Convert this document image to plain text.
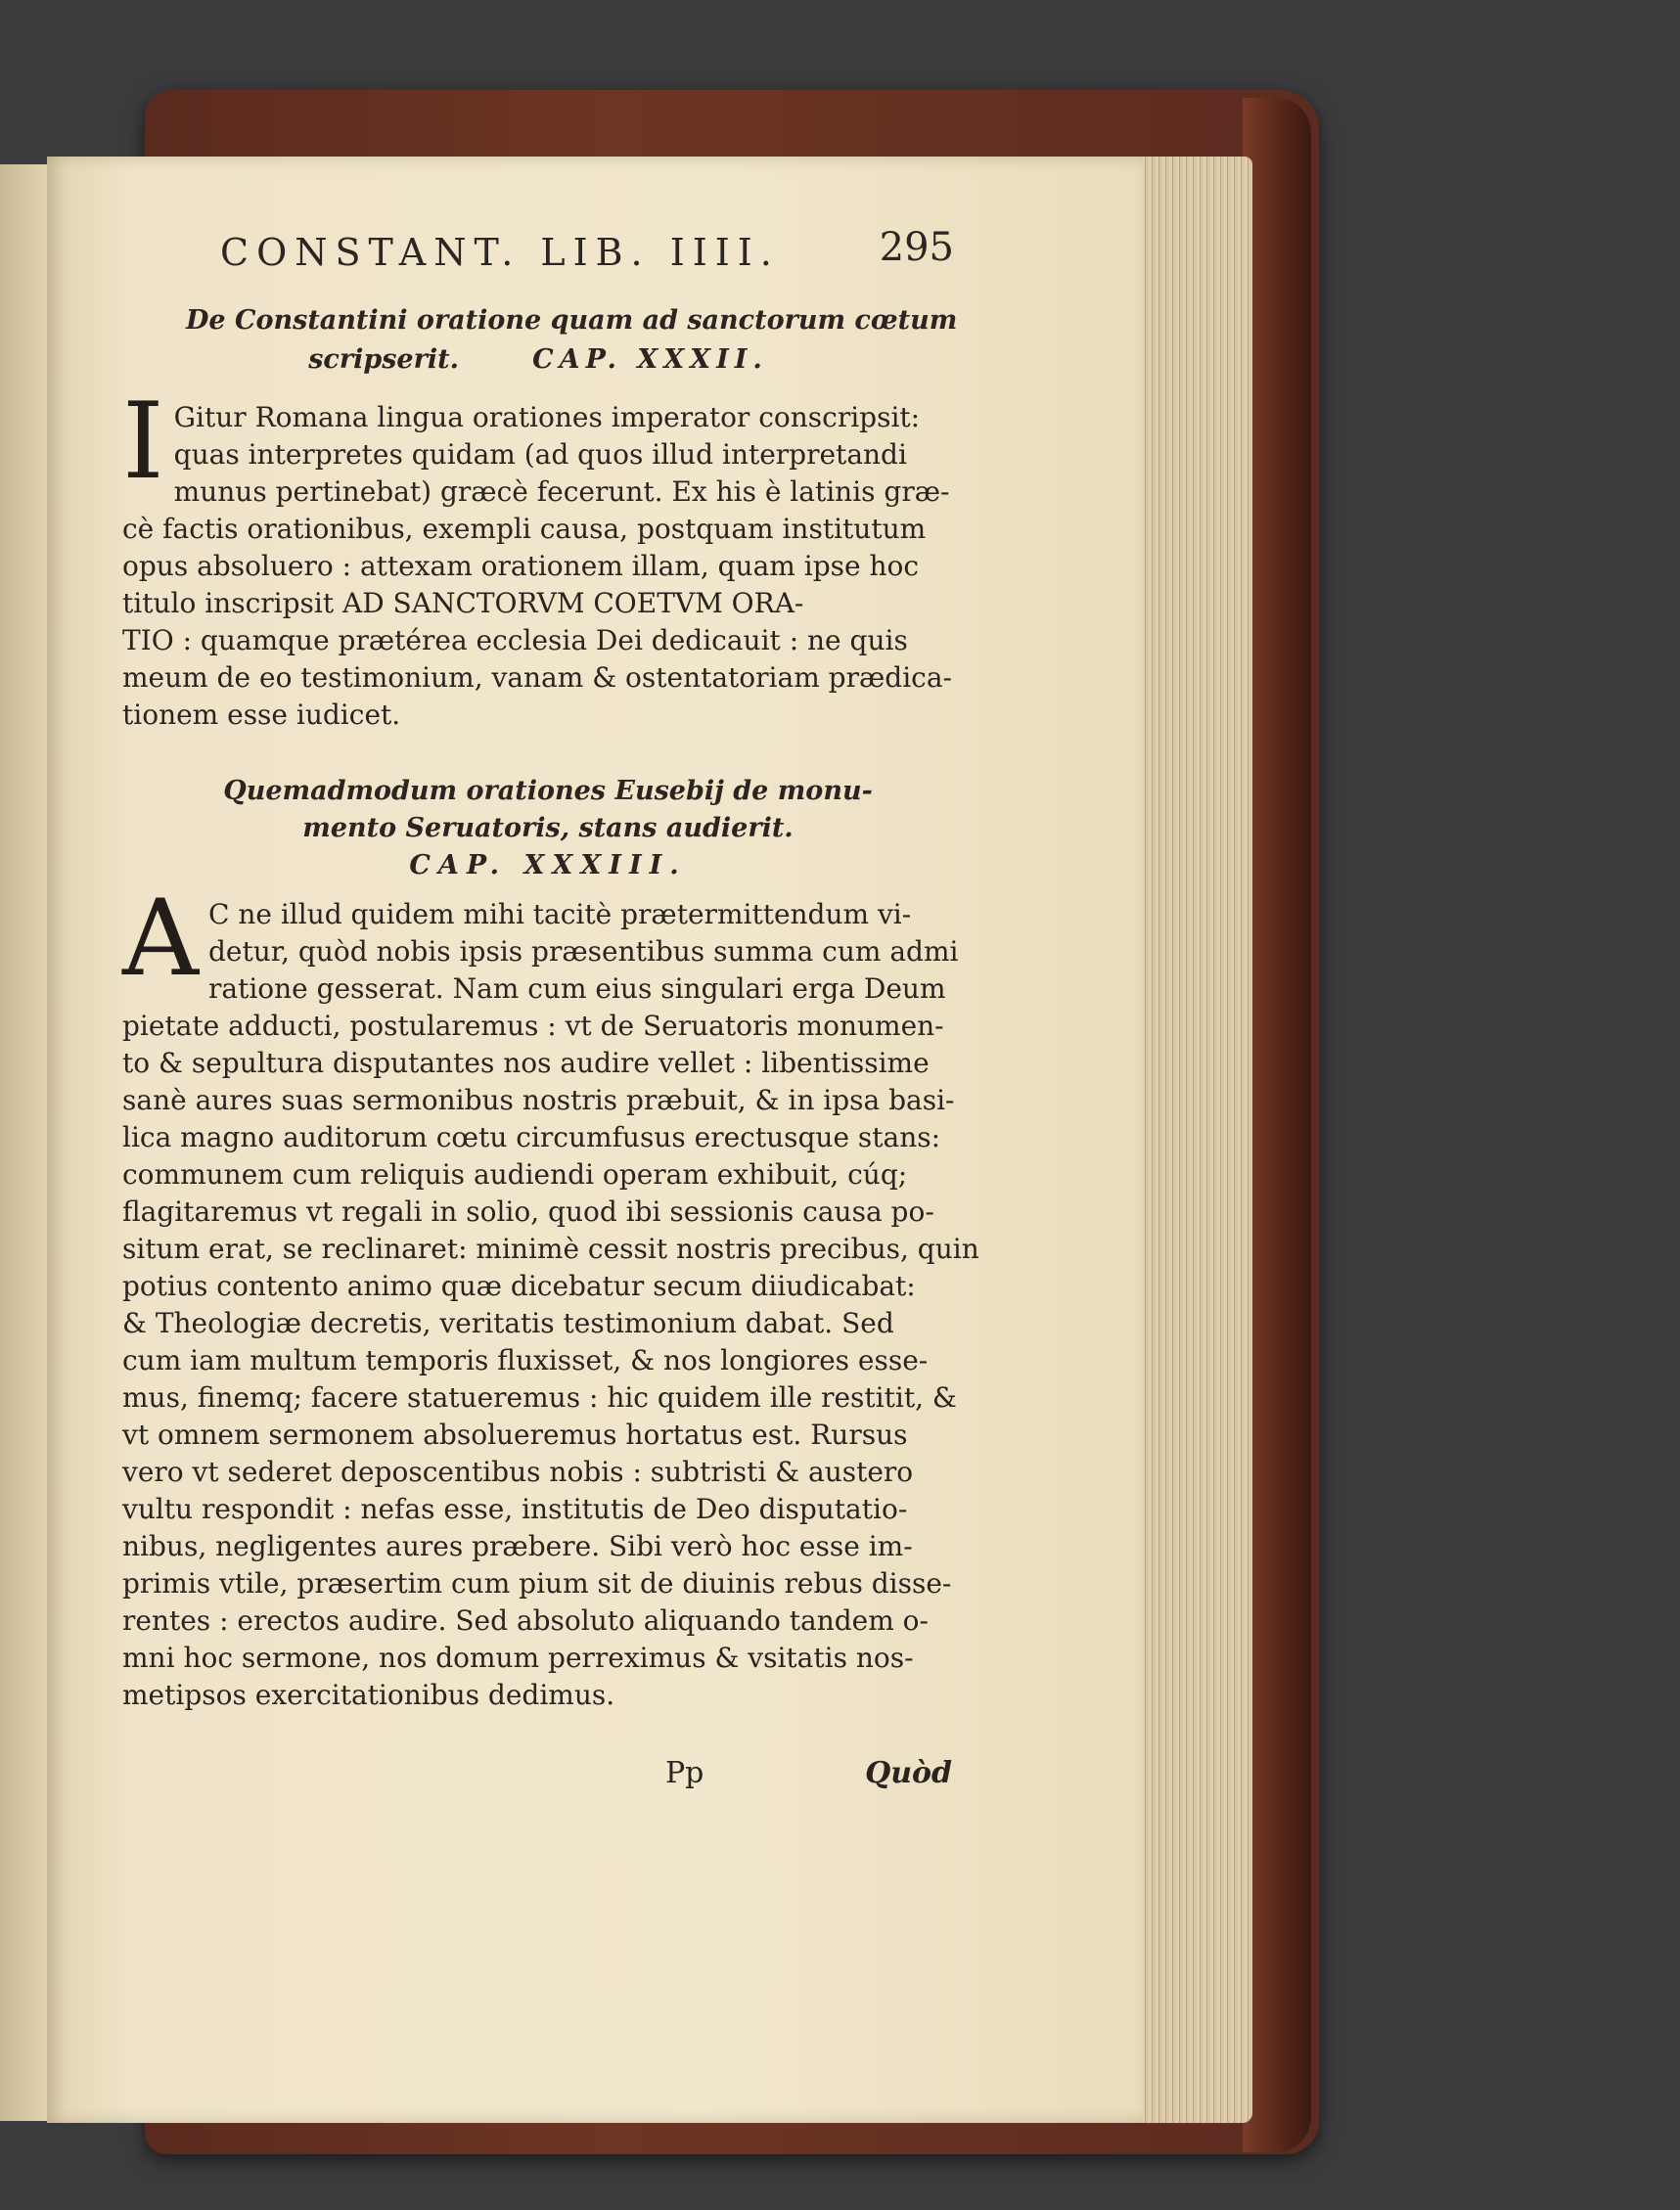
CONSTANT. LIB. IIII.	295
De Constantini oratione quam ad sanctorum cœtum
scripserit.	CAP. XXXII.
I Gitur Romana lingua orationes imperator conscripsit:
quas interpretes quidam (ad quos illud interpretandi
munus pertinebat) græcè fecerunt. Ex his è latinis græ-
cè factis orationibus, exempli causa, postquam institutum
opus absoluero : attexam orationem illam, quam ipse hoc
titulo inscripsit AD SANCTORVM COETVM ORA-
TIO : quamque prætérea ecclesia Dei dedicauit : ne quis
meum de eo testimonium, vanam & ostentatoriam prædica-
tionem esse iudicet.
Quemadmodum orationes Eusebij de monu-
mento Seruatoris, stans audierit.
CAP. XXXIII.
A C ne illud quidem mihi tacitè prætermittendum vi-
detur, quòd nobis ipsis præsentibus summa cum admi
ratione gesserat. Nam cum eius singulari erga Deum
pietate adducti, postularemus : vt de Seruatoris monumen-
to & sepultura disputantes nos audire vellet : libentissime
sanè aures suas sermonibus nostris præbuit, & in ipsa basi-
lica magno auditorum cœtu circumfusus erectusque stans:
communem cum reliquis audiendi operam exhibuit, cúq;
flagitaremus vt regali in solio, quod ibi sessionis causa po-
situm erat, se reclinaret: minimè cessit nostris precibus, quin
potius contento animo quæ dicebatur secum diiudicabat:
& Theologiæ decretis, veritatis testimonium dabat. Sed
cum iam multum temporis fluxisset, & nos longiores esse-
mus, finemq; facere statueremus : hic quidem ille restitit, &
vt omnem sermonem absolueremus hortatus est. Rursus
vero vt sederet deposcentibus nobis : subtristi & austero
vultu respondit : nefas esse, institutis de Deo disputatio-
nibus, negligentes aures præbere. Sibi verò hoc esse im-
primis vtile, præsertim cum pium sit de diuinis rebus disse-
rentes : erectos audire. Sed absoluto aliquando tandem o-
mni hoc sermone, nos domum perreximus & vsitatis nos-
metipsos exercitationibus dedimus.
Pp	Quòd
